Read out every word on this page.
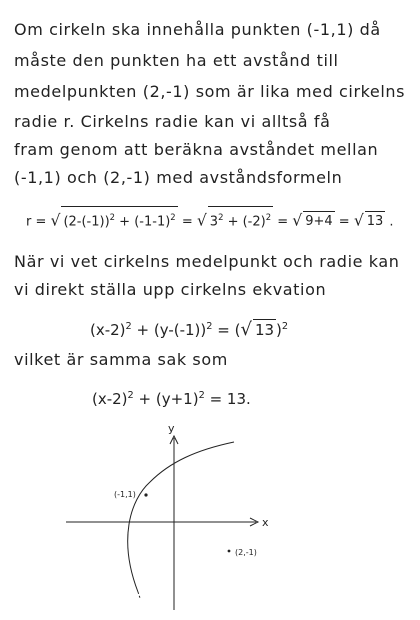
Om cirkeln ska innehålla punkten (-1,1) då
måste den punkten ha ett avstånd till
medelpunkten (2,-1) som är lika med cirkelns
radie r. Cirkelns radie kan vi alltså få
fram genom att beräkna avståndet mellan
(-1,1) och (2,-1) med avståndsformeln
r = √ $(2-(-1))^2 + (-1-1)^2$ = √ $3^2 + (-2)^2$ = √ 9+4 = √ 13 .
När vi vet cirkelns medelpunkt och radie kan
vi direkt ställa upp cirkelns ekvation
$(x-2)^2 + (y-(-1))^2$ = (√ 13 )$^2$
vilket är samma sak som
$(x-2)^2 + (y+1)^2 = 13$.
y
x
(-1,1)
(2,-1)
